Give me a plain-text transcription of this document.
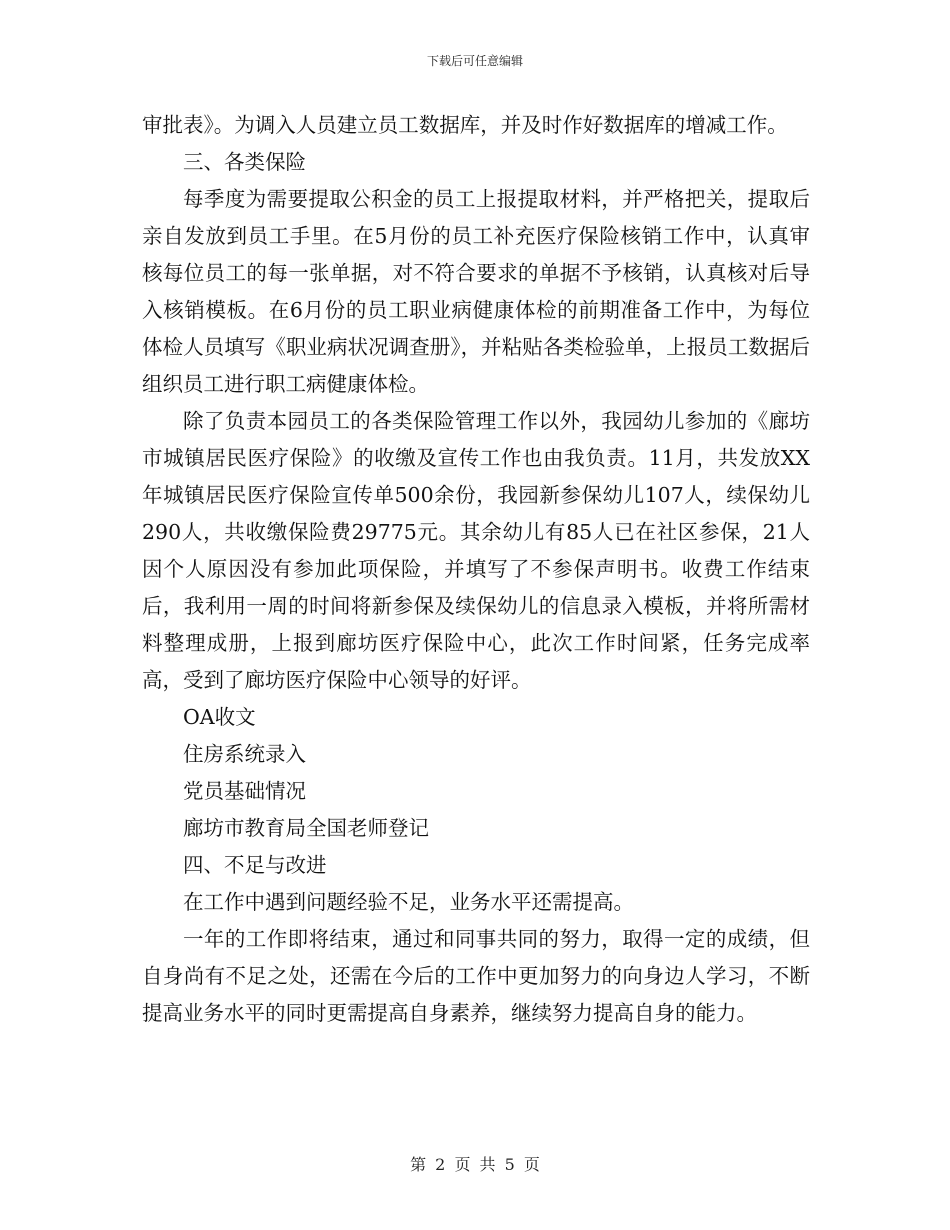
下载后可任意编辑

审批表》。为调入人员建立员工数据库，并及时作好数据库的增减工作。

三、各类保险

每季度为需要提取公积金的员工上报提取材料，并严格把关，提取后亲自发放到员工手里。在5月份的员工补充医疗保险核销工作中，认真审核每位员工的每一张单据，对不符合要求的单据不予核销，认真核对后导入核销模板。在6月份的员工职业病健康体检的前期准备工作中，为每位体检人员填写《职业病状况调查册》，并粘贴各类检验单，上报员工数据后组织员工进行职工病健康体检。

除了负责本园员工的各类保险管理工作以外，我园幼儿参加的《廊坊市城镇居民医疗保险》的收缴及宣传工作也由我负责。11月，共发放XX年城镇居民医疗保险宣传单500余份，我园新参保幼儿107人，续保幼儿290人，共收缴保险费29775元。其余幼儿有85人已在社区参保，21人因个人原因没有参加此项保险，并填写了不参保声明书。收费工作结束后，我利用一周的时间将新参保及续保幼儿的信息录入模板，并将所需材料整理成册，上报到廊坊医疗保险中心，此次工作时间紧，任务完成率高，受到了廊坊医疗保险中心领导的好评。

OA收文

住房系统录入

党员基础情况

廊坊市教育局全国老师登记

四、不足与改进

在工作中遇到问题经验不足，业务水平还需提高。

一年的工作即将结束，通过和同事共同的努力，取得一定的成绩，但自身尚有不足之处，还需在今后的工作中更加努力的向身边人学习，不断提高业务水平的同时更需提高自身素养，继续努力提高自身的能力。

第 2 页 共 5 页
